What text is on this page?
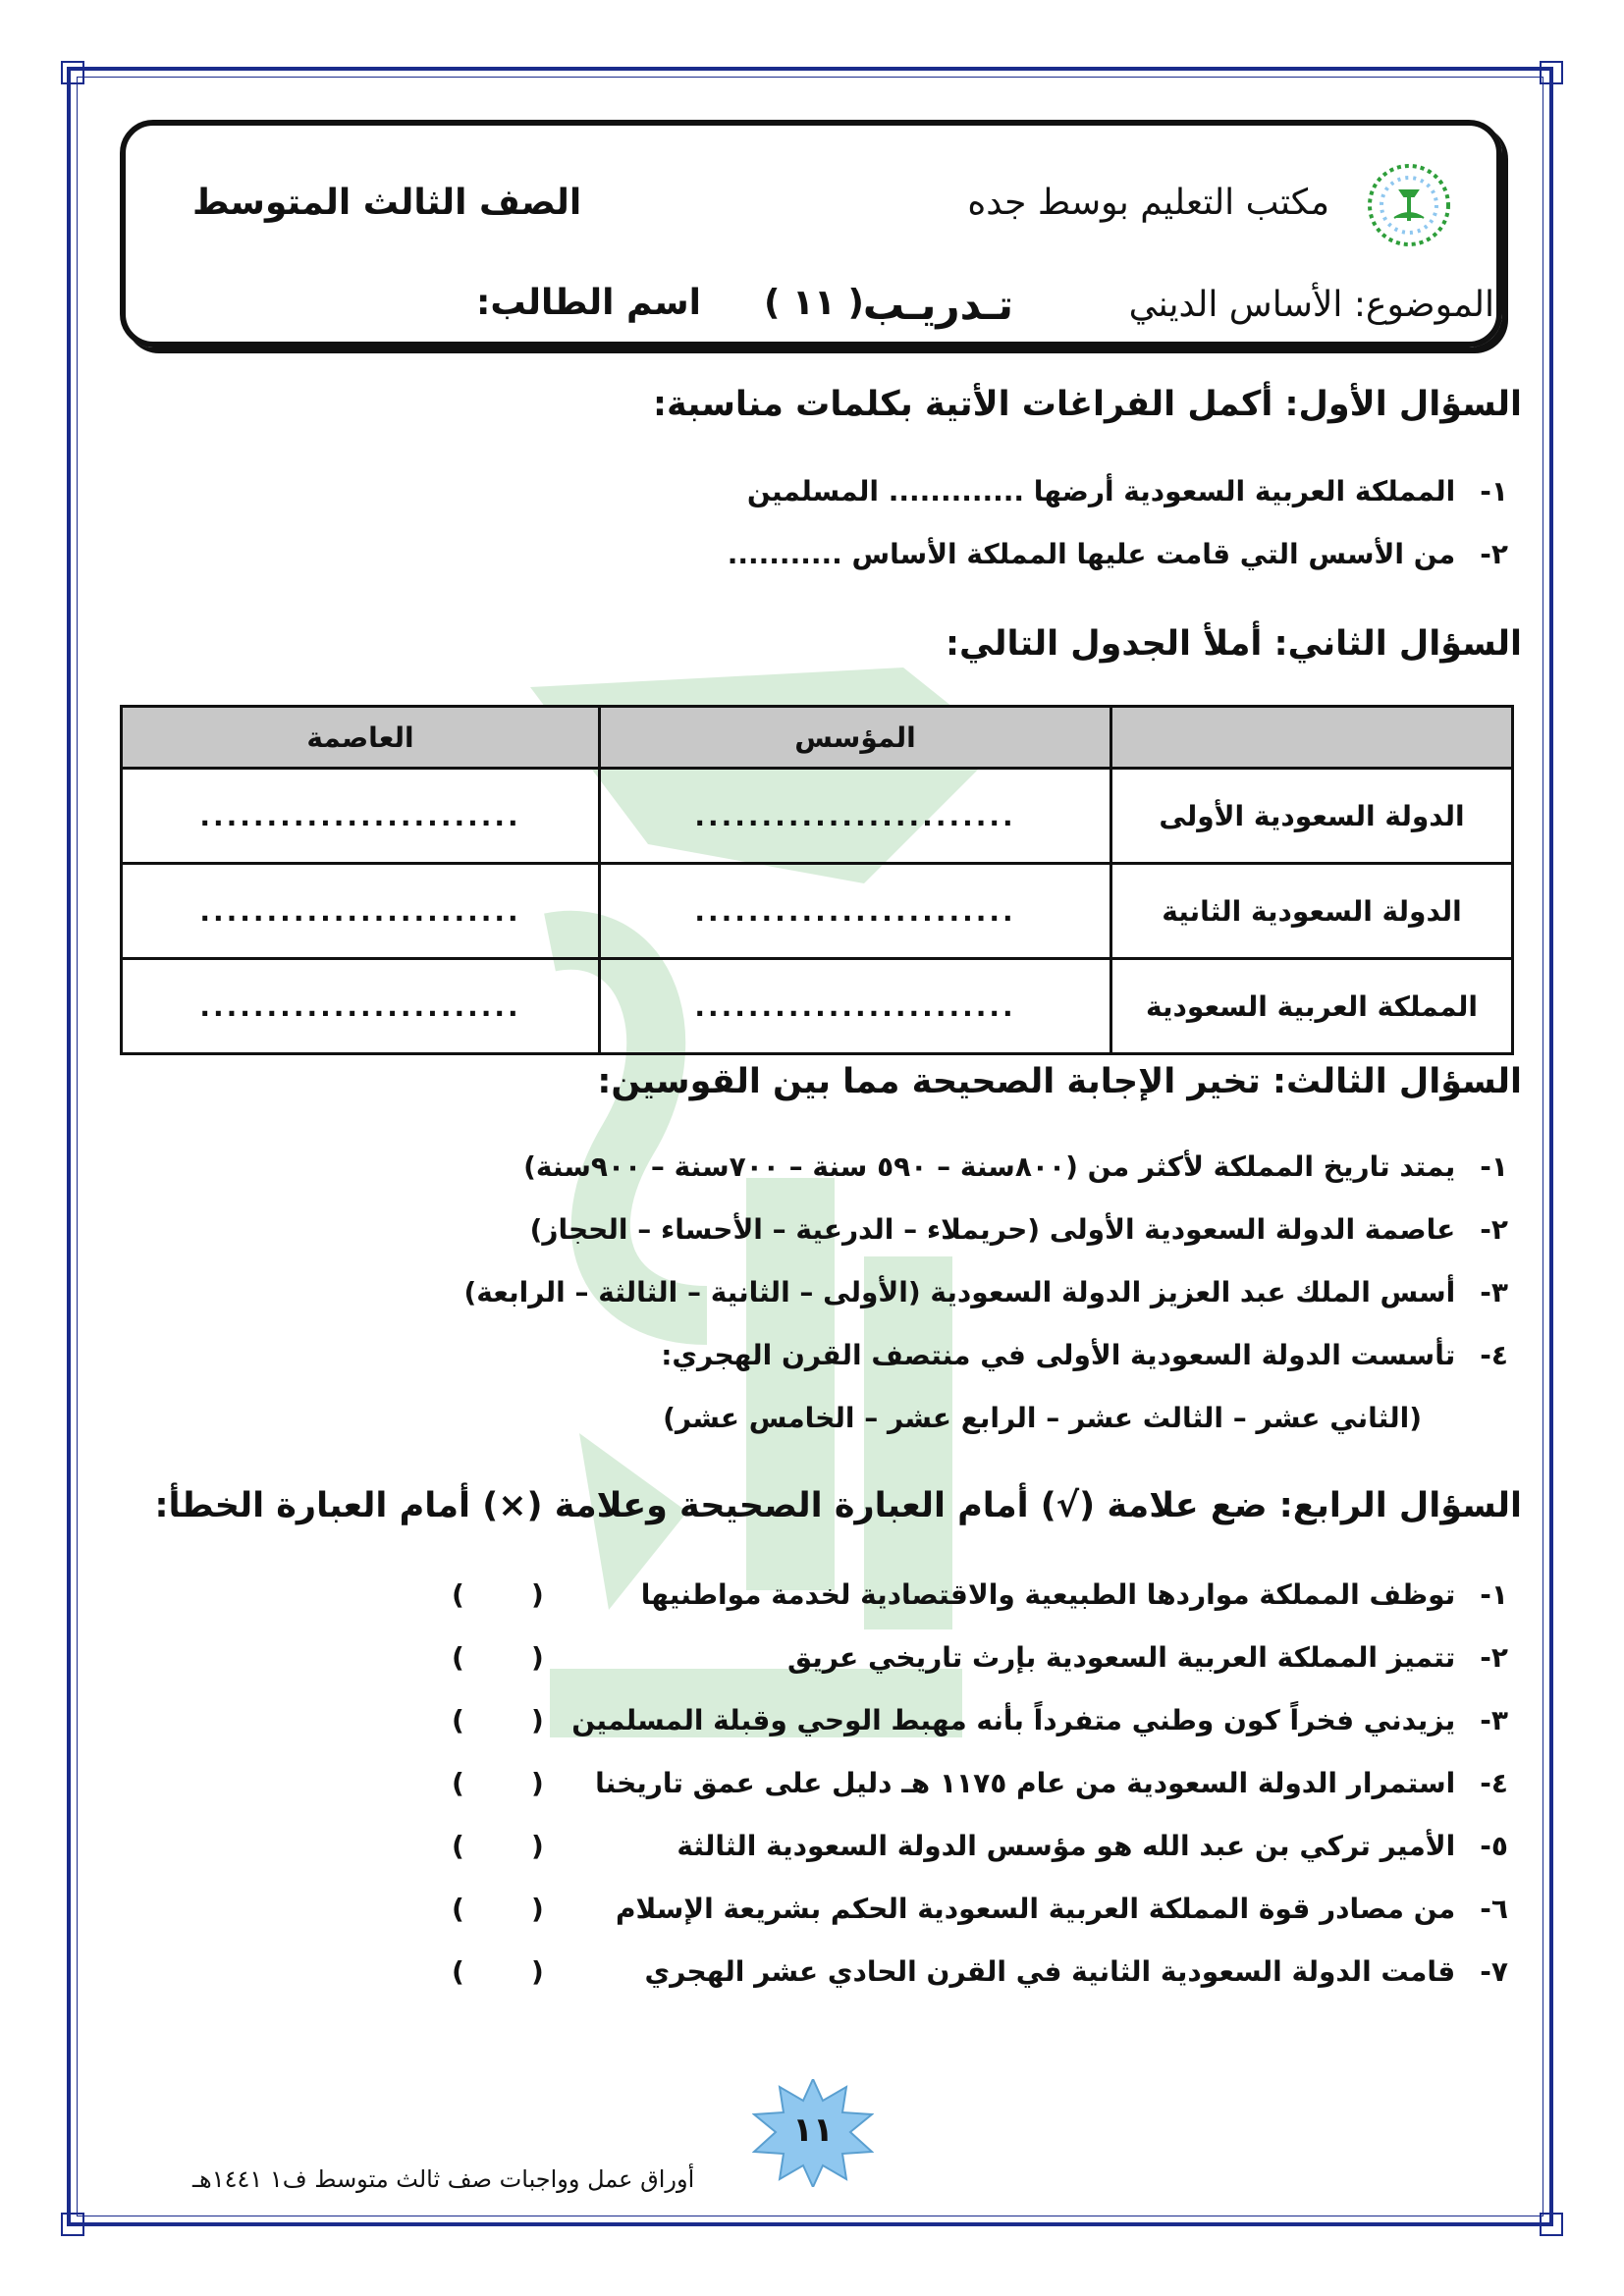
مكتب التعليم بوسط جده
الصف الثالث المتوسط
الموضوع: الأساس الديني
تـدريـب
( ١١ )
اسم الطالب:
السؤال الأول: أكمل الفراغات الأتية بكلمات مناسبة:
١- المملكة العربية السعودية أرضها ............. المسلمين
٢- من الأسس التي قامت عليها المملكة الأساس ...........
السؤال الثاني: أملأ الجدول التالي:
	المؤسس	العاصمة
الدولة السعودية الأولى	........................	........................
الدولة السعودية الثانية	........................	........................
المملكة العربية السعودية	........................	........................
السؤال الثالث: تخير الإجابة الصحيحة مما بين القوسين:
١- يمتد تاريخ المملكة لأكثر من (٨٠٠سنة – ٥٩٠ سنة – ٧٠٠سنة – ٩٠٠سنة)
٢- عاصمة الدولة السعودية الأولى (حريملاء – الدرعية – الأحساء – الحجاز)
٣- أسس الملك عبد العزيز الدولة السعودية (الأولى – الثانية – الثالثة – الرابعة)
٤- تأسست الدولة السعودية الأولى في منتصف القرن الهجري:
(الثاني عشر – الثالث عشر – الرابع عشر – الخامس عشر)
السؤال الرابع: ضع علامة (√) أمام العبارة الصحيحة وعلامة (×) أمام العبارة الخطأ:
١- توظف المملكة مواردها الطبيعية والاقتصادية لخدمة مواطنيها
(       )
٢- تتميز المملكة العربية السعودية بإرث تاريخي عريق
(       )
٣- يزيدني فخراً كون وطني متفرداً بأنه مهبط الوحي وقبلة المسلمين
(       )
٤- استمرار الدولة السعودية من عام ١١٧٥ هـ دليل على عمق تاريخنا
(       )
٥- الأمير تركي بن عبد الله هو مؤسس الدولة السعودية الثالثة
(       )
٦- من مصادر قوة المملكة العربية السعودية الحكم بشريعة الإسلام
(       )
٧- قامت الدولة السعودية الثانية في القرن الحادي عشر الهجري
(       )
١١
أوراق عمل وواجبات صف ثالث متوسط ف١ ١٤٤١هـ
